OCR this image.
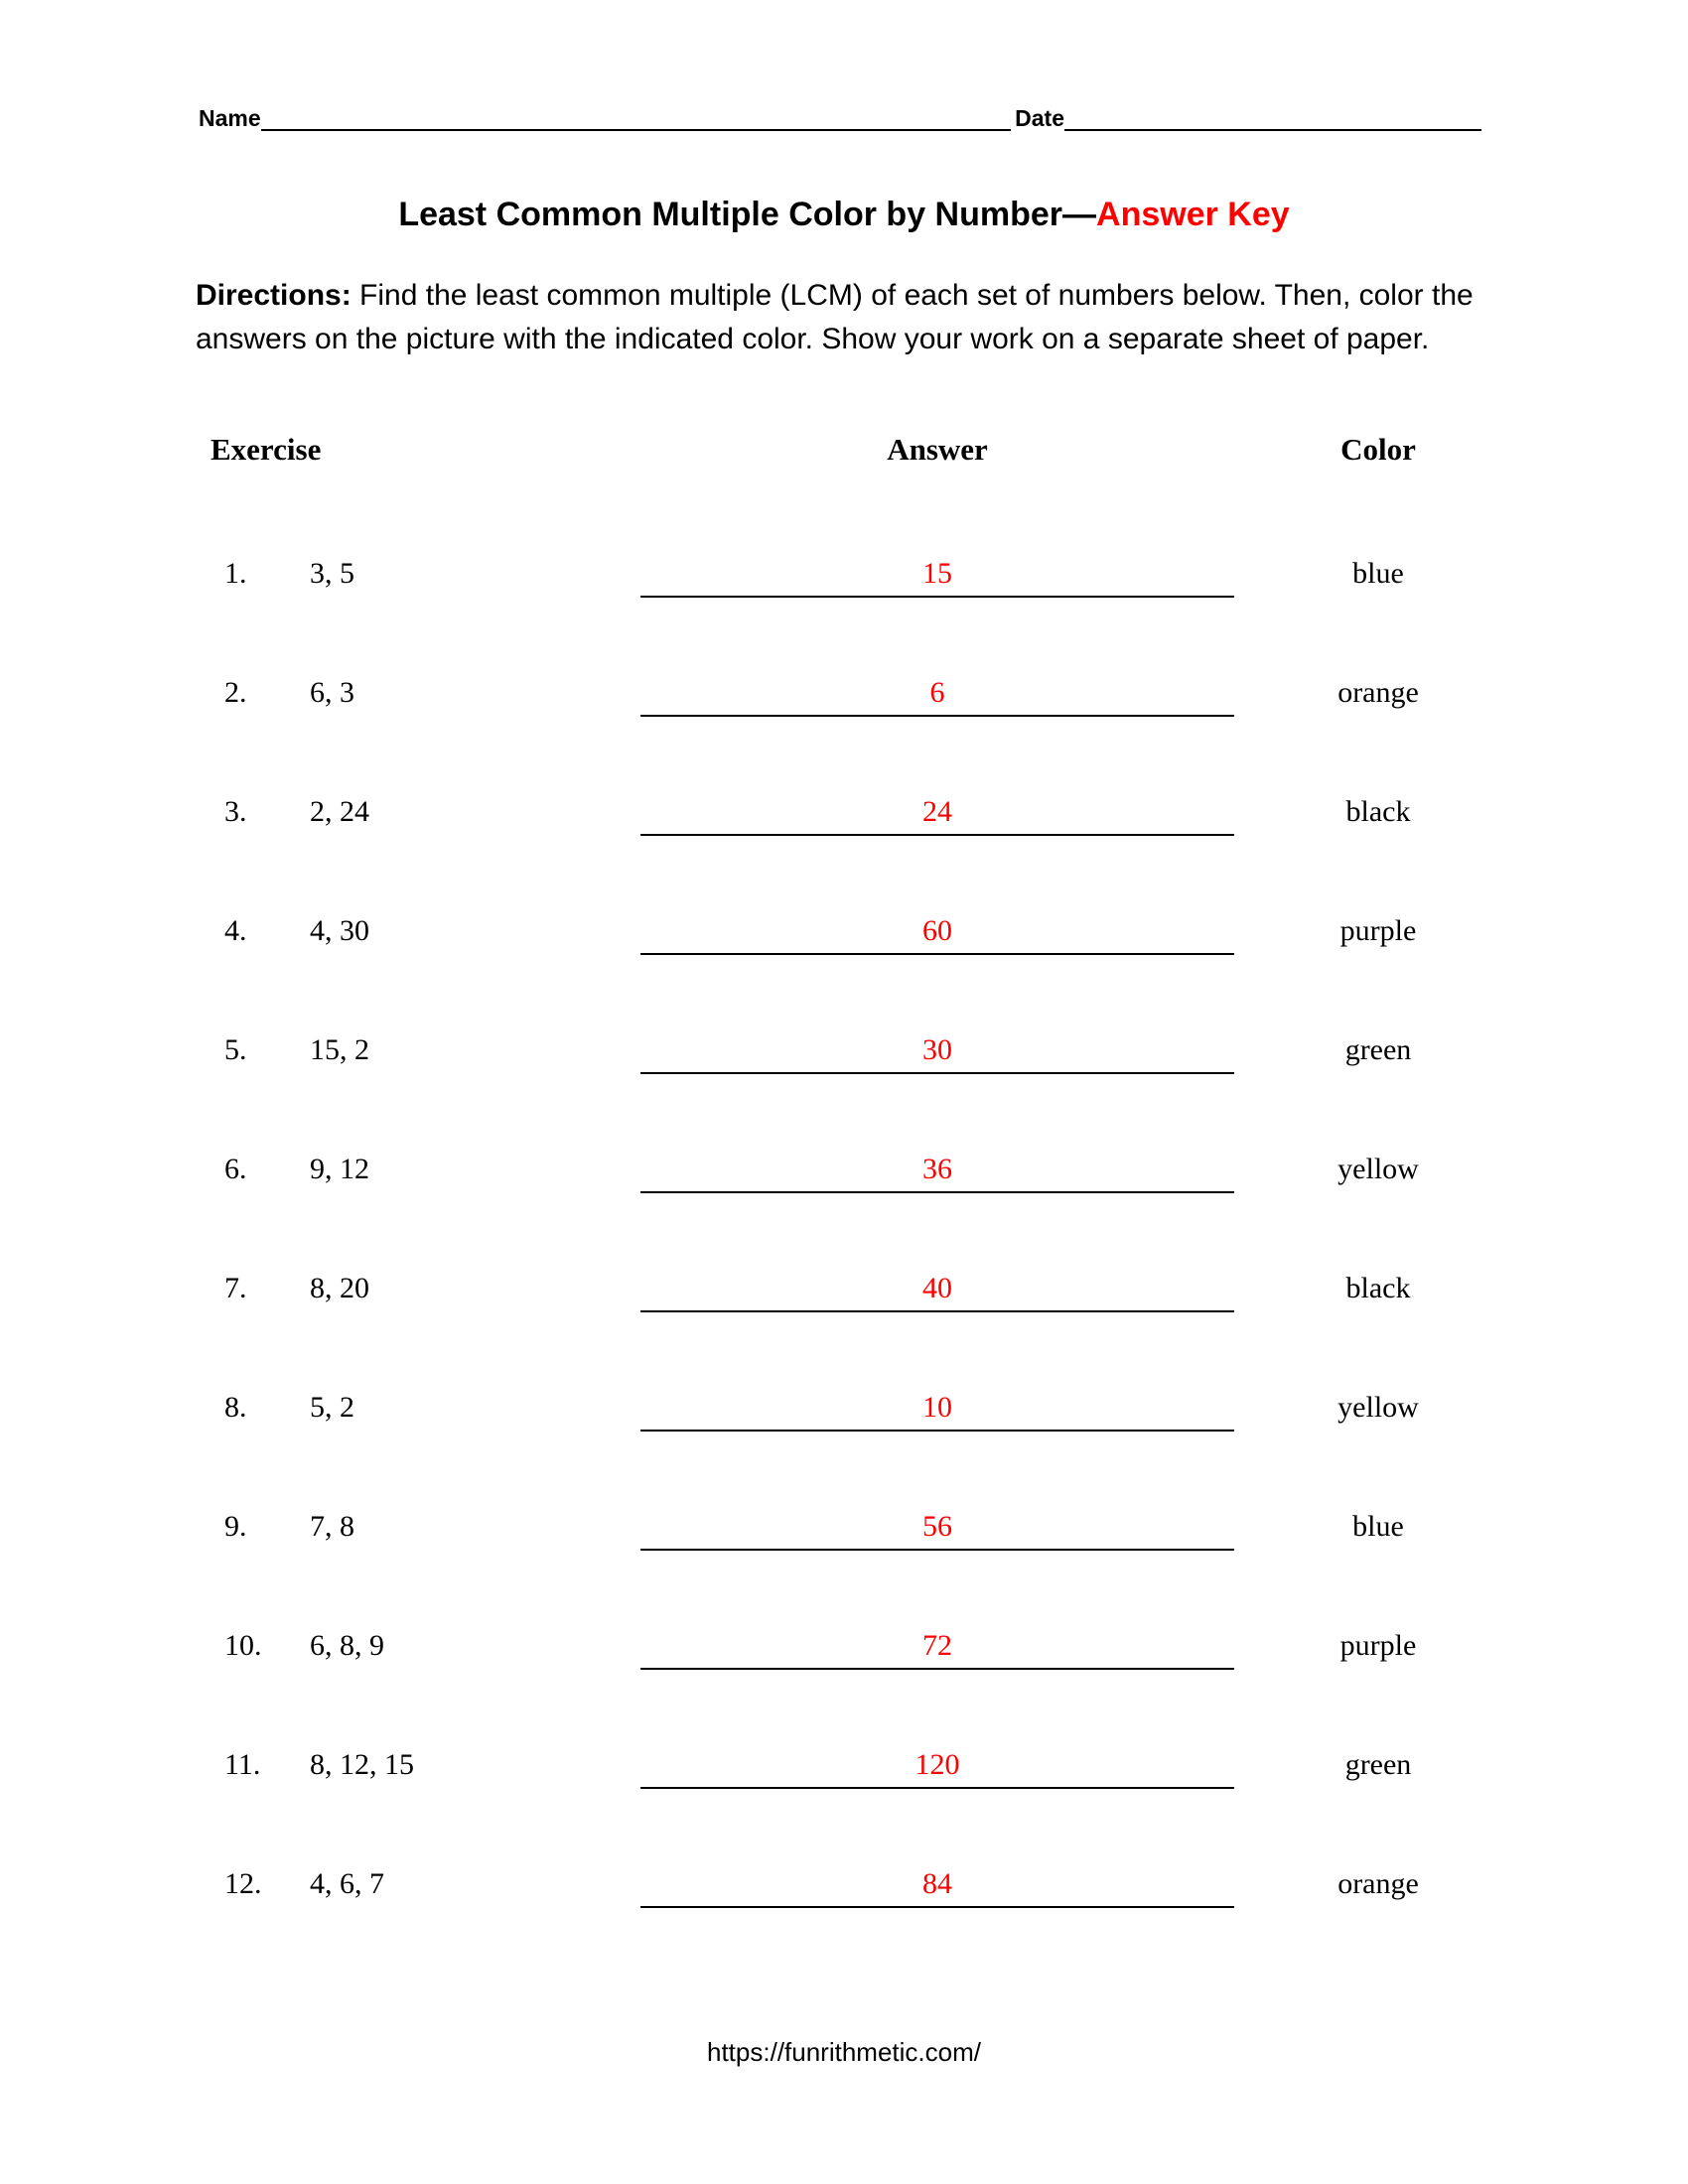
Name	Date
Least Common Multiple Color by Number—Answer Key
Directions: Find the least common multiple (LCM) of each set of numbers below. Then, color the answers on the picture with the indicated color. Show your work on a separate sheet of paper.
Exercise	Answer	Color
1. 3, 5	15	blue
2. 6, 3	6	orange
3. 2, 24	24	black
4. 4, 30	60	purple
5. 15, 2	30	green
6. 9, 12	36	yellow
7. 8, 20	40	black
8. 5, 2	10	yellow
9. 7, 8	56	blue
10. 6, 8, 9	72	purple
11. 8, 12, 15	120	green
12. 4, 6, 7	84	orange
https://funrithmetic.com/
